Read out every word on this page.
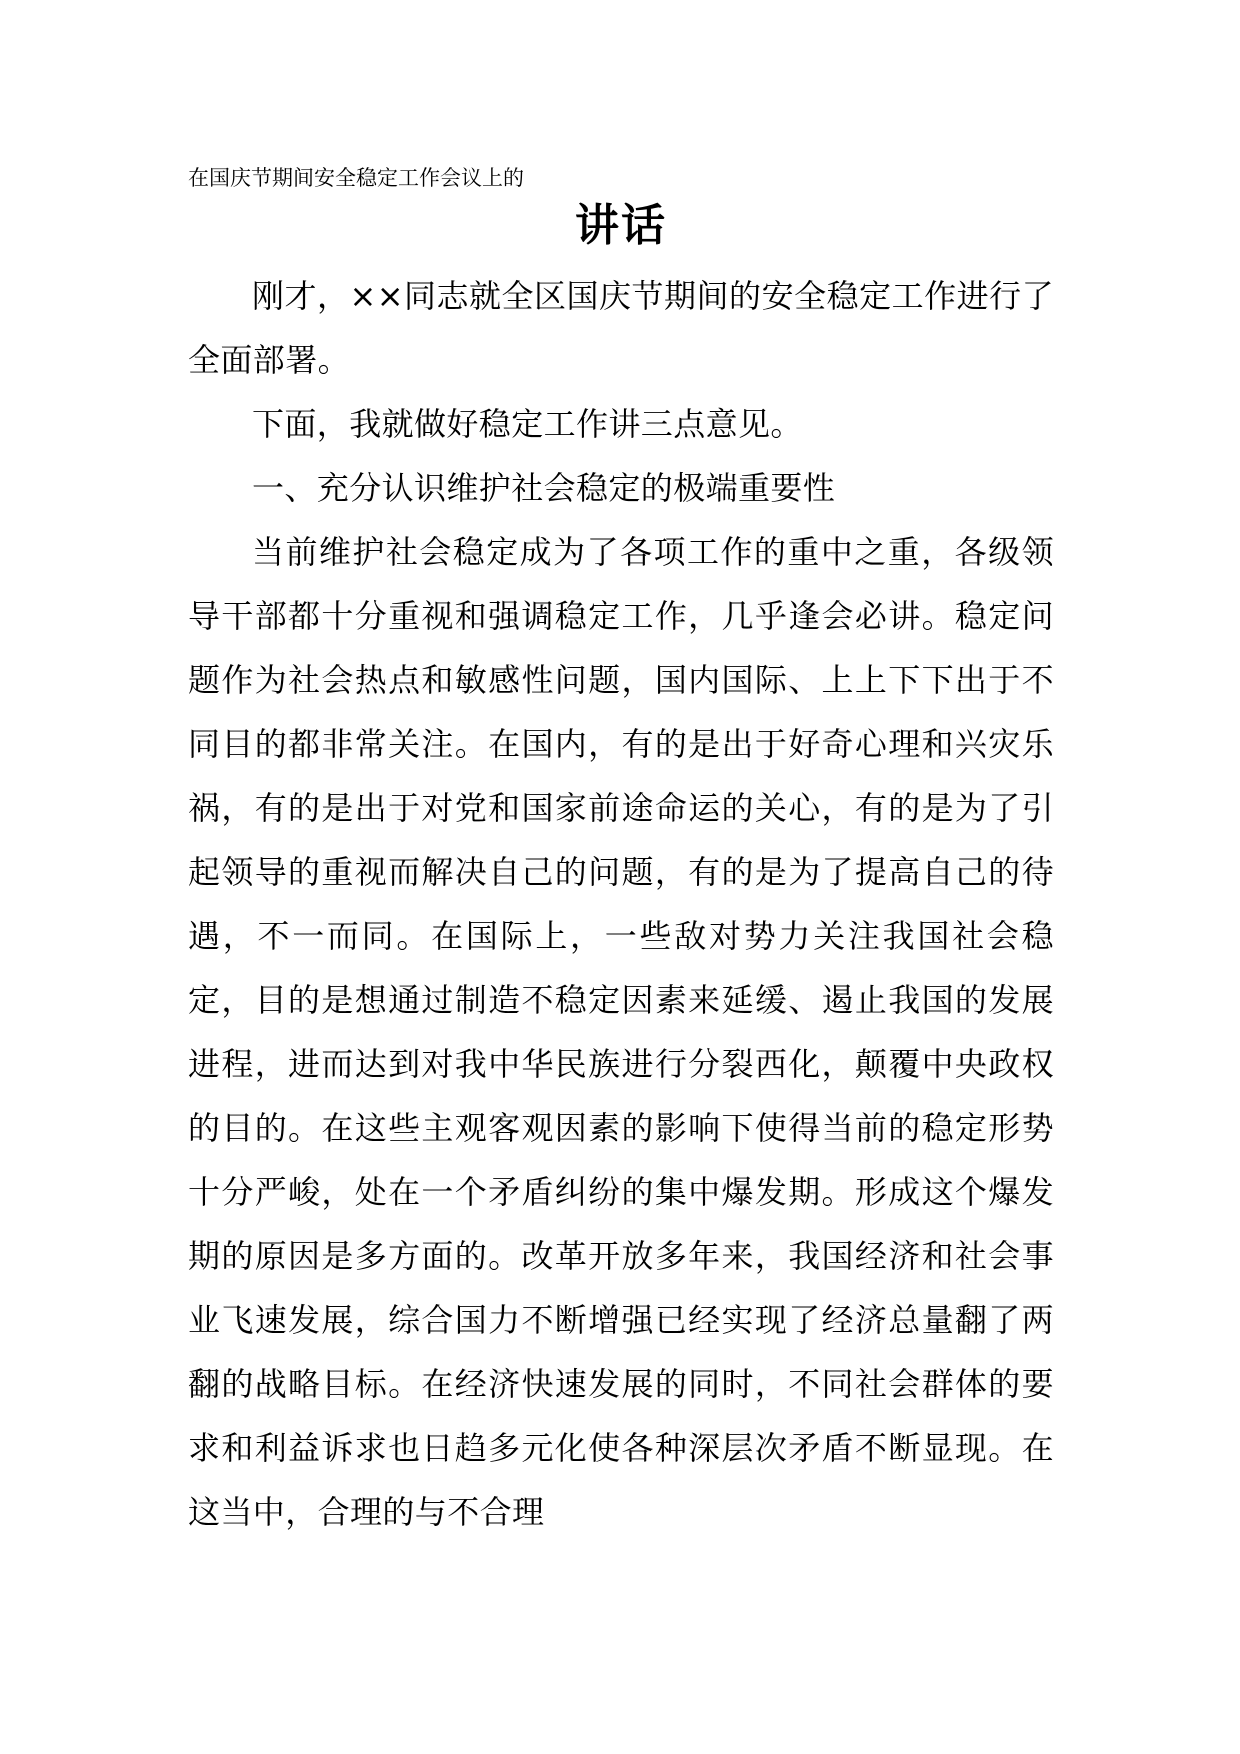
在国庆节期间安全稳定工作会议上的
讲话

刚才，××同志就全区国庆节期间的安全稳定工作进行了全面部署。

下面，我就做好稳定工作讲三点意见。

一、充分认识维护社会稳定的极端重要性

当前维护社会稳定成为了各项工作的重中之重，各级领导干部都十分重视和强调稳定工作，几乎逢会必讲。稳定问题作为社会热点和敏感性问题，国内国际、上上下下出于不同目的都非常关注。在国内，有的是出于好奇心理和兴灾乐祸，有的是出于对党和国家前途命运的关心，有的是为了引起领导的重视而解决自己的问题，有的是为了提高自己的待遇，不一而同。在国际上，一些敌对势力关注我国社会稳定，目的是想通过制造不稳定因素来延缓、遏止我国的发展进程，进而达到对我中华民族进行分裂西化，颠覆中央政权的目的。在这些主观客观因素的影响下使得当前的稳定形势十分严峻，处在一个矛盾纠纷的集中爆发期。形成这个爆发期的原因是多方面的。改革开放多年来，我国经济和社会事业飞速发展，综合国力不断增强已经实现了经济总量翻了两翻的战略目标。在经济快速发展的同时，不同社会群体的要求和利益诉求也日趋多元化使各种深层次矛盾不断显现。在这当中，合理的与不合理
